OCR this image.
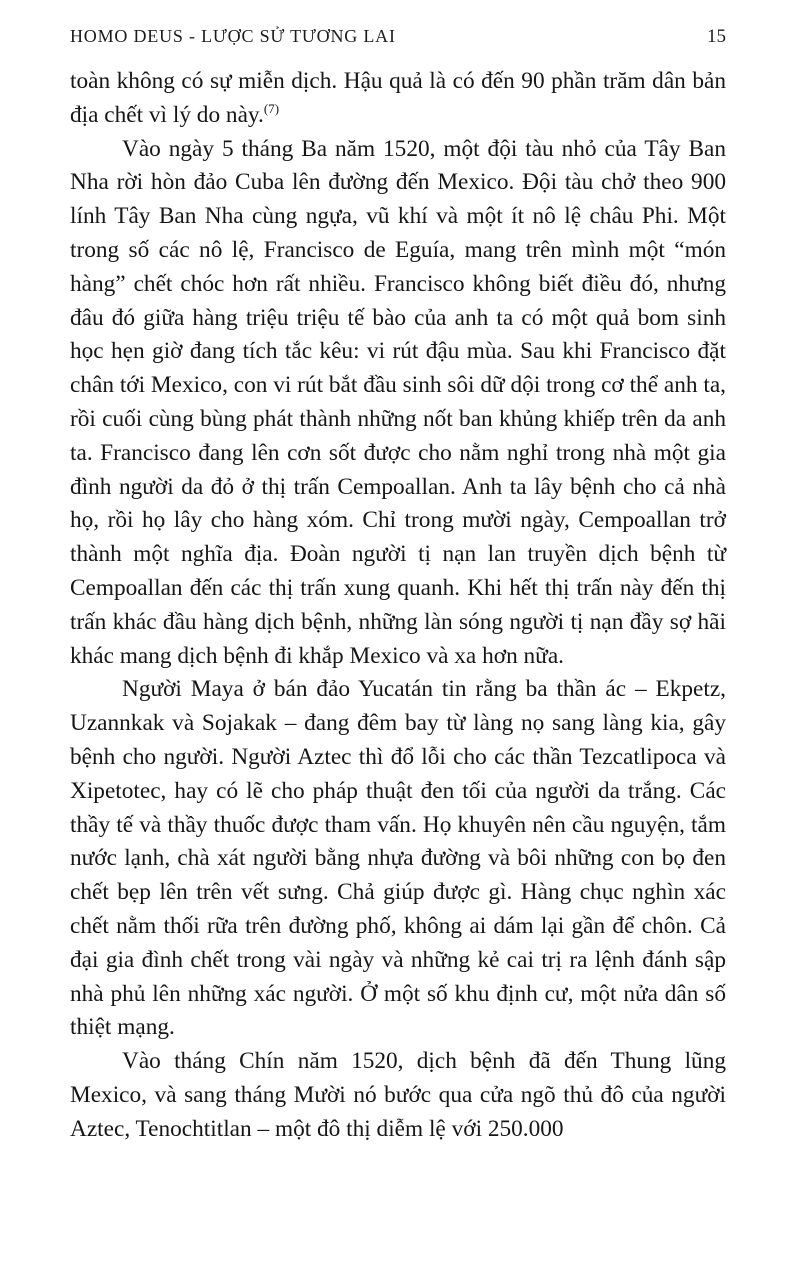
HOMO DEUS - LƯỢC SỬ TƯƠNG LAI	15

toàn không có sự miễn dịch. Hậu quả là có đến 90 phần trăm dân bản địa chết vì lý do này.$^{(7)}$

Vào ngày 5 tháng Ba năm 1520, một đội tàu nhỏ của Tây Ban Nha rời hòn đảo Cuba lên đường đến Mexico. Đội tàu chở theo 900 lính Tây Ban Nha cùng ngựa, vũ khí và một ít nô lệ châu Phi. Một trong số các nô lệ, Francisco de Eguía, mang trên mình một “món hàng” chết chóc hơn rất nhiều. Francisco không biết điều đó, nhưng đâu đó giữa hàng triệu triệu tế bào của anh ta có một quả bom sinh học hẹn giờ đang tích tắc kêu: vi rút đậu mùa. Sau khi Francisco đặt chân tới Mexico, con vi rút bắt đầu sinh sôi dữ dội trong cơ thể anh ta, rồi cuối cùng bùng phát thành những nốt ban khủng khiếp trên da anh ta. Francisco đang lên cơn sốt được cho nằm nghỉ trong nhà một gia đình người da đỏ ở thị trấn Cempoallan. Anh ta lây bệnh cho cả nhà họ, rồi họ lây cho hàng xóm. Chỉ trong mười ngày, Cempoallan trở thành một nghĩa địa. Đoàn người tị nạn lan truyền dịch bệnh từ Cempoallan đến các thị trấn xung quanh. Khi hết thị trấn này đến thị trấn khác đầu hàng dịch bệnh, những làn sóng người tị nạn đầy sợ hãi khác mang dịch bệnh đi khắp Mexico và xa hơn nữa.

Người Maya ở bán đảo Yucatán tin rằng ba thần ác – Ekpetz, Uzannkak và Sojakak – đang đêm bay từ làng nọ sang làng kia, gây bệnh cho người. Người Aztec thì đổ lỗi cho các thần Tezcatlipoca và Xipetotec, hay có lẽ cho pháp thuật đen tối của người da trắng. Các thầy tế và thầy thuốc được tham vấn. Họ khuyên nên cầu nguyện, tắm nước lạnh, chà xát người bằng nhựa đường và bôi những con bọ đen chết bẹp lên trên vết sưng. Chả giúp được gì. Hàng chục nghìn xác chết nằm thối rữa trên đường phố, không ai dám lại gần để chôn. Cả đại gia đình chết trong vài ngày và những kẻ cai trị ra lệnh đánh sập nhà phủ lên những xác người. Ở một số khu định cư, một nửa dân số thiệt mạng.

Vào tháng Chín năm 1520, dịch bệnh đã đến Thung lũng Mexico, và sang tháng Mười nó bước qua cửa ngõ thủ đô của người Aztec, Tenochtitlan – một đô thị diễm lệ với 250.000
